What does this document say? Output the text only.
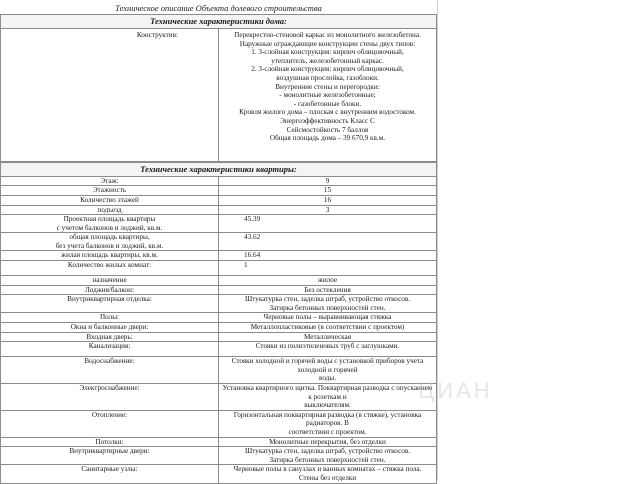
Техническое описание Объекта долевого строительства
Технические характеристики дома:
Конструктив:	Перекрестно-стеновой каркас из монолитного железобетона.
Наружные ограждающие конструкции стены двух типов:
1. 3-слойная конструкция: кирпич облицовочный,
утеплитель, железобетонный каркас.
2. 3-слойная конструкция: кирпич облицовочный,
воздушная прослойка, газоблоки.
Внутренние стены и перегородки:
- монолитные железобетонные;
- газобетонные блоки.
Кровля жилого дома – плоская с внутренним водостоком.
Энергоэффективность Класс С
Сейсмостойкость 7 баллов
Общая площадь дома – 39 670,9 кв.м.
Технические характеристики квартиры:	
Этаж:	9
Этажность	15
Количество этажей	16
подъезд	3
Проектная площадь квартиры
с учетом балконов и лоджий, кв.м.	45.39
общая площадь квартиры,
без учета балконов и лоджий, кв.м.	43.62
жилая площадь квартиры, кв.м.	16.64
Количество жилых комнат:	1
назначение	жилое
Лоджия/балкон:	Без остекления
Внутриквартирная отделка:	Штукатурка стен, заделка штраб, устройство откосов.
Затирка бетонных поверхностей стен.
Полы:	Черновые полы – выравнивающая стяжка
Окна и балконные двери:	Металлопластиковые (в соответствии с проектом)
Входная дверь:	Металлическая
Канализация:	Стояки из полиэтиленовых труб с заглушками.
Водоснабжение:	Стояки холодной и горячей воды с установкой приборов учета холодной и горячей
воды.
Электроснабжение:	Установка квартирного щитка. Поквартирная разводка с опусканием к розеткам и
выключателям.
Отопление:	Горизонтальная поквартирная разводка (в стяжке), установка радиаторов. В
соответствии с проектом.
Потолки:	Монолитные перекрытия, без отделки
Внутриквартирные двери:	Штукатурка стен, заделка штраб, устройство откосов.
Затирка бетонных поверхностей стен.
Санитарные узлы:	Черновые полы в санузлах и ванных комнатах – стяжка пола.
Стены без отделки
ЦИАН
